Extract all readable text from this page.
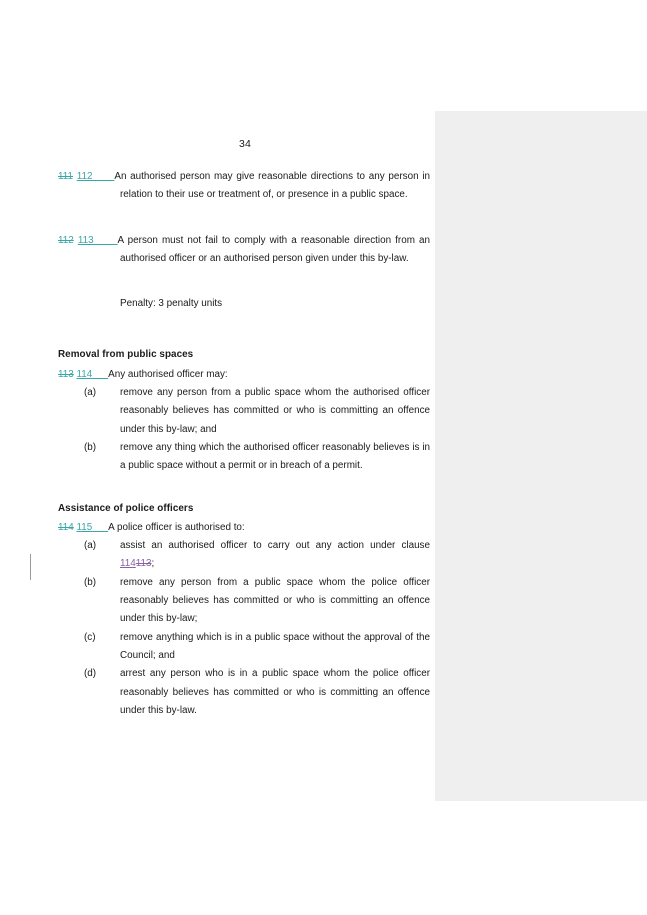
34
111 112 An authorised person may give reasonable directions to any person in relation to their use or treatment of, or presence in a public space.
112 113 A person must not fail to comply with a reasonable direction from an authorised officer or an authorised person given under this by-law.
Penalty: 3 penalty units
Removal from public spaces
113 114 Any authorised officer may:
(a)	remove any person from a public space whom the authorised officer reasonably believes has committed or who is committing an offence under this by-law; and
(b)	remove any thing which the authorised officer reasonably believes is in a public space without a permit or in breach of a permit.
Assistance of police officers
114 115 A police officer is authorised to:
(a)	assist an authorised officer to carry out any action under clause 114113;
(b)	remove any person from a public space whom the police officer reasonably believes has committed or who is committing an offence under this by-law;
(c)	remove anything which is in a public space without the approval of the Council; and
(d)	arrest any person who is in a public space whom the police officer reasonably believes has committed or who is committing an offence under this by-law.
